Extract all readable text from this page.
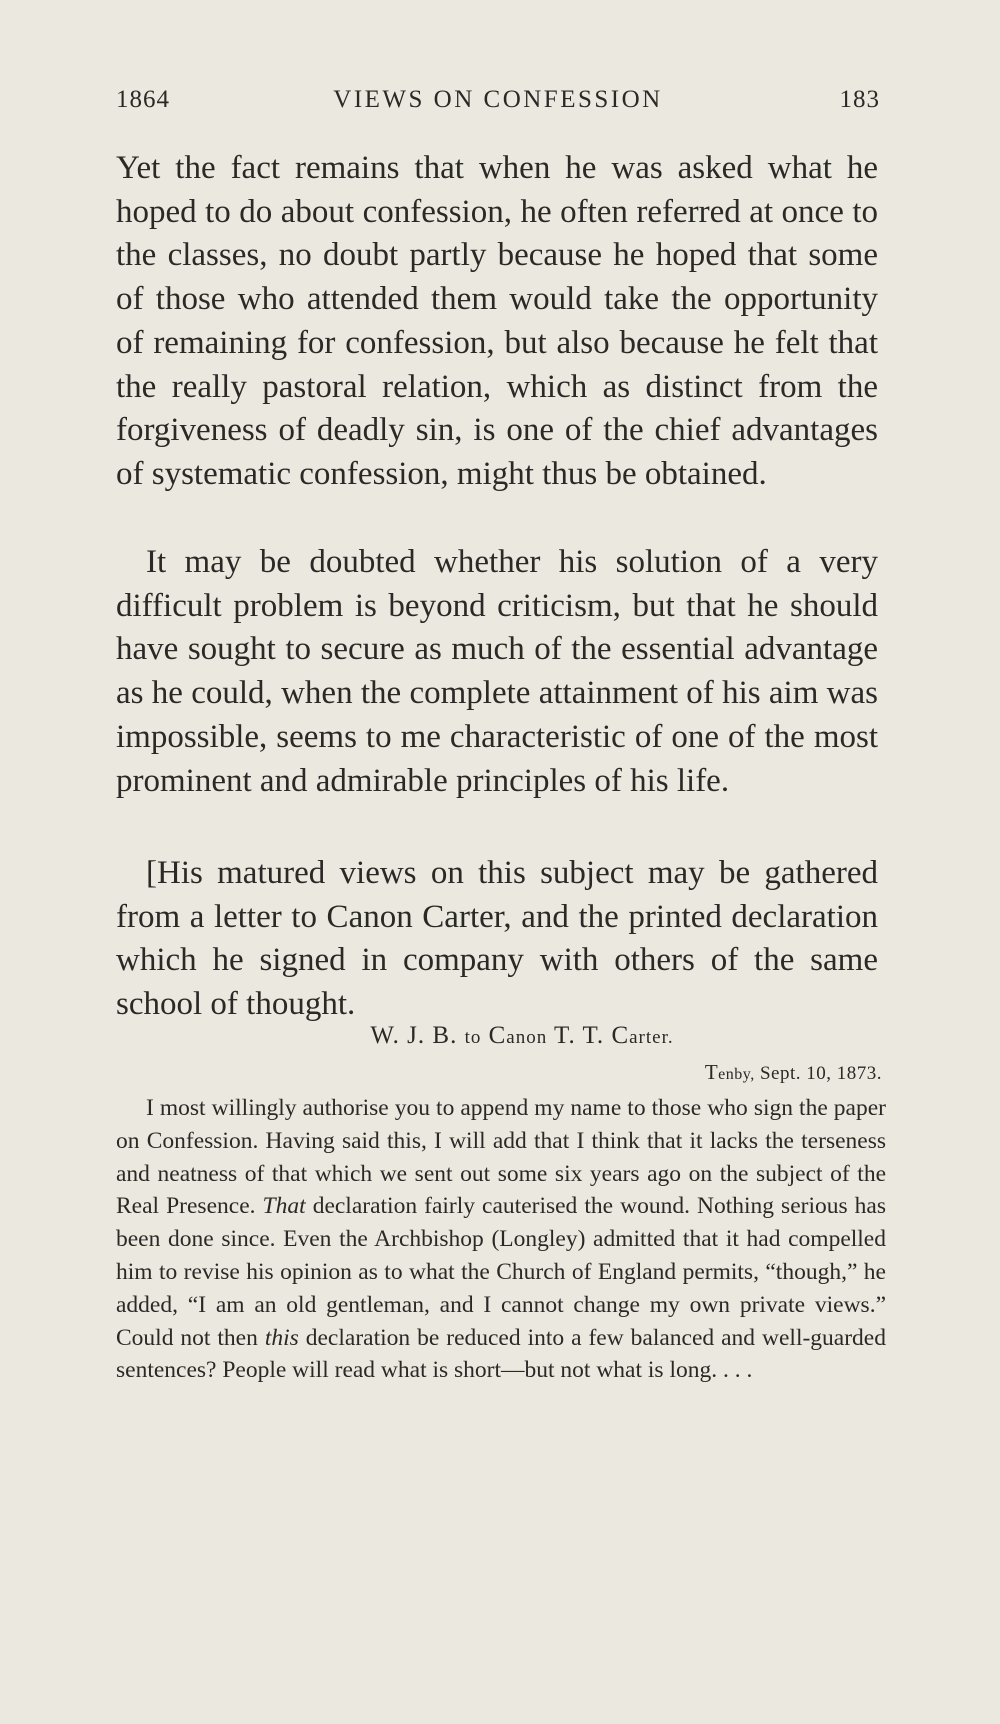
1864	VIEWS ON CONFESSION	183

Yet the fact remains that when he was asked what he hoped to do about confession, he often referred at once to the classes, no doubt partly because he hoped that some of those who attended them would take the opportunity of remaining for confession, but also because he felt that the really pastoral relation, which as distinct from the forgiveness of deadly sin, is one of the chief advantages of systematic confession, might thus be obtained.

It may be doubted whether his solution of a very difficult problem is beyond criticism, but that he should have sought to secure as much of the essential advantage as he could, when the complete attainment of his aim was impossible, seems to me characteristic of one of the most prominent and admirable principles of his life.

[His matured views on this subject may be gathered from a letter to Canon Carter, and the printed declaration which he signed in company with others of the same school of thought.

W. J. B. to Canon T. T. Carter.
Tenby, Sept. 10, 1873.

I most willingly authorise you to append my name to those who sign the paper on Confession. Having said this, I will add that I think that it lacks the terseness and neatness of that which we sent out some six years ago on the subject of the Real Presence. That declaration fairly cauterised the wound. Nothing serious has been done since. Even the Archbishop (Longley) admitted that it had compelled him to revise his opinion as to what the Church of England permits, “though,” he added, “I am an old gentleman, and I cannot change my own private views.” Could not then this declaration be reduced into a few balanced and well-guarded sentences? People will read what is short—but not what is long. . . .
